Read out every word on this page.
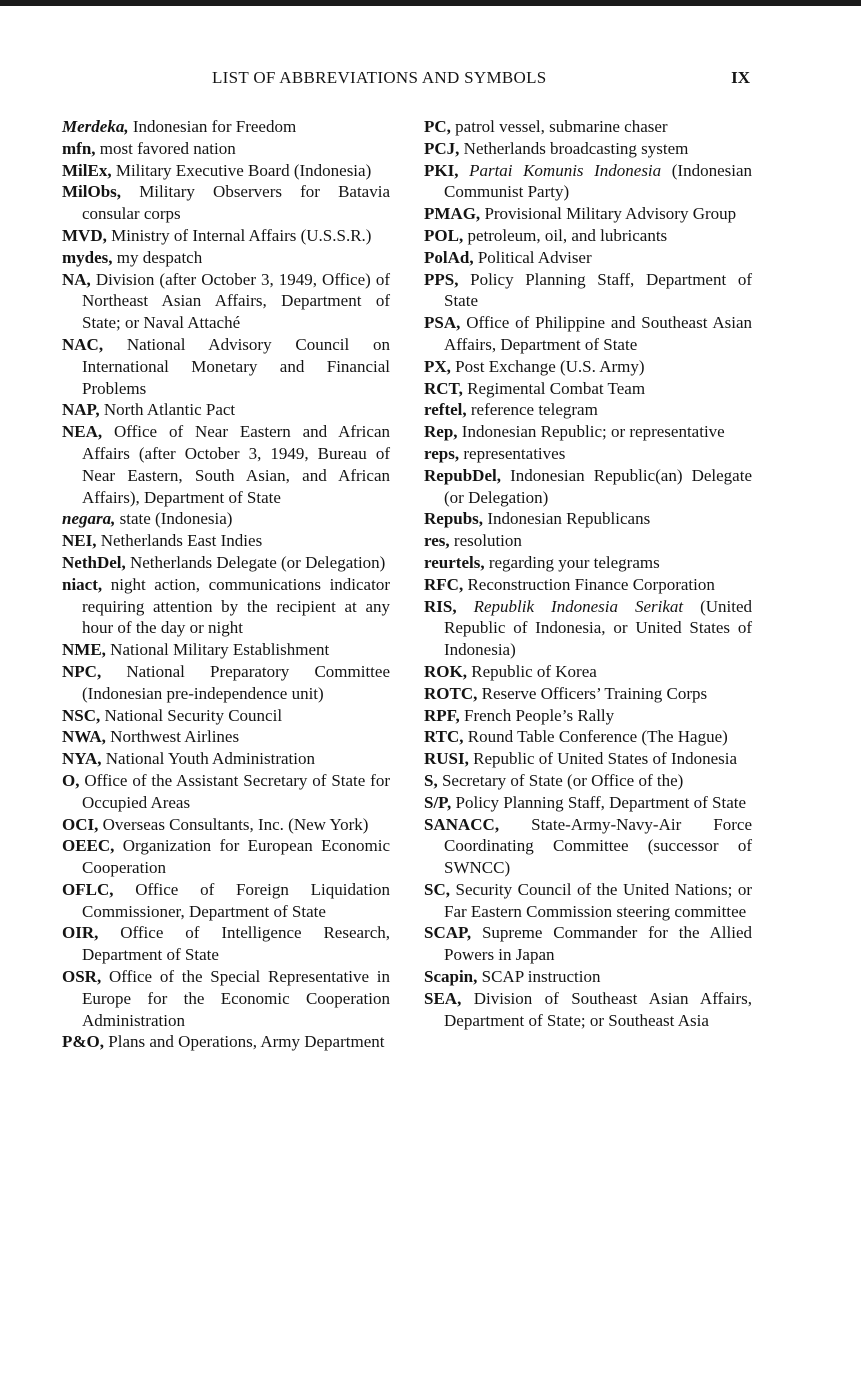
LIST OF ABBREVIATIONS AND SYMBOLS	IX

Merdeka, Indonesian for Freedom

mfn, most favored nation

MilEx, Military Executive Board (Indonesia)

MilObs, Military Observers for Batavia consular corps

MVD, Ministry of Internal Affairs (U.S.S.R.)

mydes, my despatch

NA, Division (after October 3, 1949, Office) of Northeast Asian Affairs, Department of State; or Naval Attaché

NAC, National Advisory Council on International Monetary and Financial Problems

NAP, North Atlantic Pact

NEA, Office of Near Eastern and African Affairs (after October 3, 1949, Bureau of Near Eastern, South Asian, and African Affairs), Department of State

negara, state (Indonesia)

NEI, Netherlands East Indies

NethDel, Netherlands Delegate (or Delegation)

niact, night action, communications indicator requiring attention by the recipient at any hour of the day or night

NME, National Military Establishment

NPC, National Preparatory Committee (Indonesian pre-independence unit)

NSC, National Security Council

NWA, Northwest Airlines

NYA, National Youth Administration

O, Office of the Assistant Secretary of State for Occupied Areas

OCI, Overseas Consultants, Inc. (New York)

OEEC, Organization for European Economic Cooperation

OFLC, Office of Foreign Liquidation Commissioner, Department of State

OIR, Office of Intelligence Research, Department of State

OSR, Office of the Special Representative in Europe for the Economic Cooperation Administration

P&O, Plans and Operations, Army Department

PC, patrol vessel, submarine chaser

PCJ, Netherlands broadcasting system

PKI, Partai Komunis Indonesia (Indonesian Communist Party)

PMAG, Provisional Military Advisory Group

POL, petroleum, oil, and lubricants

PolAd, Political Adviser

PPS, Policy Planning Staff, Department of State

PSA, Office of Philippine and Southeast Asian Affairs, Department of State

PX, Post Exchange (U.S. Army)

RCT, Regimental Combat Team

reftel, reference telegram

Rep, Indonesian Republic; or representative

reps, representatives

RepubDel, Indonesian Republic(an) Delegate (or Delegation)

Repubs, Indonesian Republicans

res, resolution

reurtels, regarding your telegrams

RFC, Reconstruction Finance Corporation

RIS, Republik Indonesia Serikat (United Republic of Indonesia, or United States of Indonesia)

ROK, Republic of Korea

ROTC, Reserve Officers’ Training Corps

RPF, French People’s Rally

RTC, Round Table Conference (The Hague)

RUSI, Republic of United States of Indonesia

S, Secretary of State (or Office of the)

S/P, Policy Planning Staff, Department of State

SANACC, State-Army-Navy-Air Force Coordinating Committee (successor of SWNCC)

SC, Security Council of the United Nations; or Far Eastern Commission steering committee

SCAP, Supreme Commander for the Allied Powers in Japan

Scapin, SCAP instruction

SEA, Division of Southeast Asian Affairs, Department of State; or Southeast Asia
